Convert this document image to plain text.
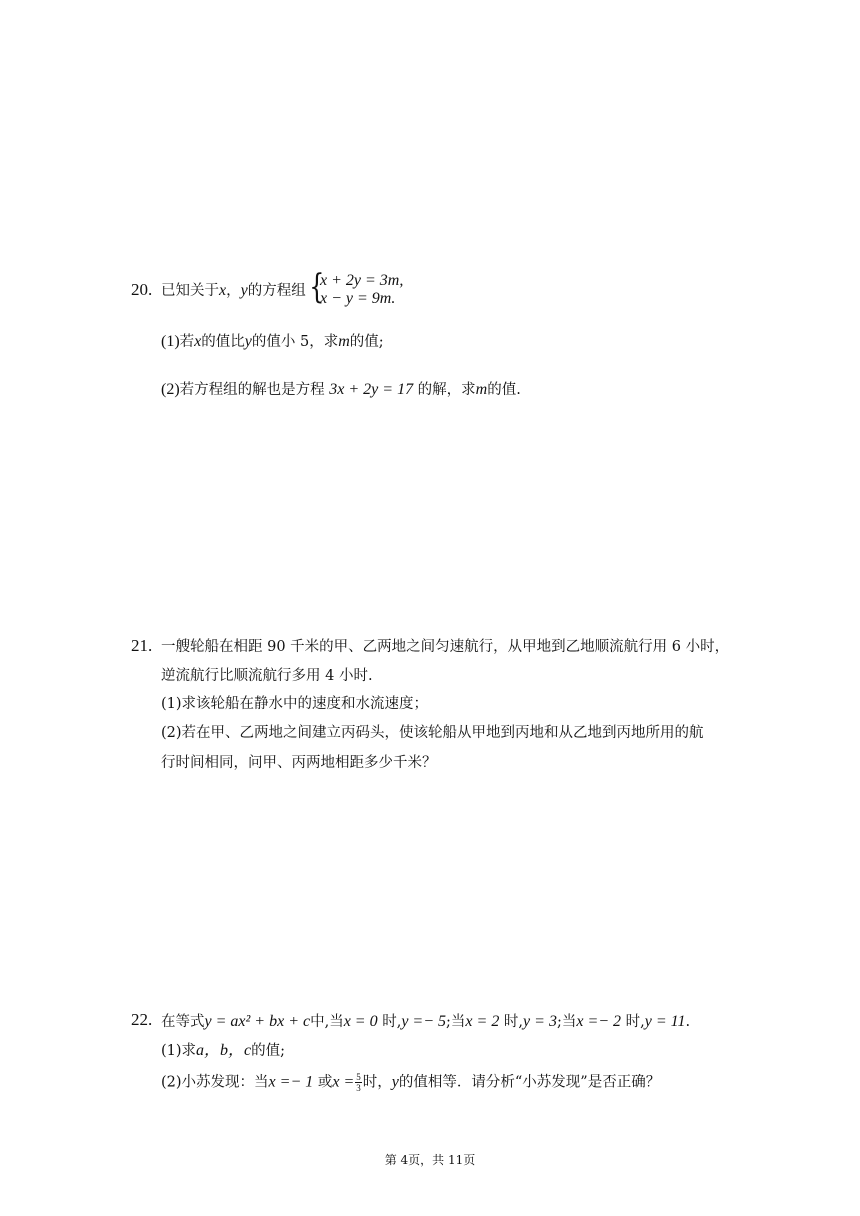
20. 已知关于x，y的方程组 {
x + 2y = 3m,
x − y = 9m.
(1)若x的值比y的值小 5，求m的值;
(2)若方程组的解也是方程 3x + 2y = 17 的解，求m的值.
21. 一艘轮船在相距 90 千米的甲、乙两地之间匀速航行，从甲地到乙地顺流航行用 6 小时，
逆流航行比顺流航行多用 4 小时.
(1)求该轮船在静水中的速度和水流速度；
(2)若在甲、乙两地之间建立丙码头，使该轮船从甲地到丙地和从乙地到丙地所用的航
行时间相同，问甲、丙两地相距多少千米？
22. 在等式y = ax² + bx + c中,当x = 0 时,y =− 5;当x = 2 时,y = 3;当x =− 2 时,y = 11.
(1)求a，b，c的值;
(2)小苏发现：当x =− 1 或$x = \frac{5}{3}$ 时，y的值相等．请分析“小苏发现”是否正确？
第 4页，共 11页
